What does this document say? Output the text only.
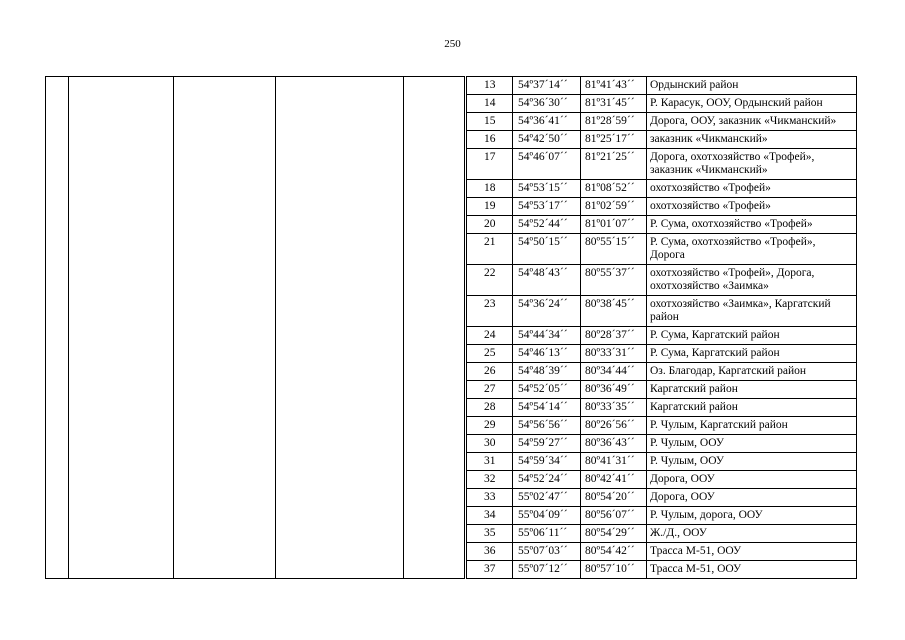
250
13	54º37´14´´	81º41´43´´	Ордынский район
14	54º36´30´´	81º31´45´´	Р. Карасук, ООУ, Ордынский район
15	54º36´41´´	81º28´59´´	Дорога, ООУ, заказник «Чикманский»
16	54º42´50´´	81º25´17´´	заказник «Чикманский»
17	54º46´07´´	81º21´25´´	Дорога, охотхозяйство «Трофей», заказник «Чикманский»
18	54º53´15´´	81º08´52´´	охотхозяйство «Трофей»
19	54º53´17´´	81º02´59´´	охотхозяйство «Трофей»
20	54º52´44´´	81º01´07´´	Р. Сума, охотхозяйство «Трофей»
21	54º50´15´´	80º55´15´´	Р. Сума, охотхозяйство «Трофей», Дорога
22	54º48´43´´	80º55´37´´	охотхозяйство «Трофей», Дорога, охотхозяйство «Заимка»
23	54º36´24´´	80º38´45´´	охотхозяйство «Заимка», Каргатский район
24	54º44´34´´	80º28´37´´	Р. Сума, Каргатский район
25	54º46´13´´	80º33´31´´	Р. Сума, Каргатский район
26	54º48´39´´	80º34´44´´	Оз. Благодар, Каргатский район
27	54º52´05´´	80º36´49´´	Каргатский район
28	54º54´14´´	80º33´35´´	Каргатский район
29	54º56´56´´	80º26´56´´	Р. Чулым, Каргатский район
30	54º59´27´´	80º36´43´´	Р. Чулым, ООУ
31	54º59´34´´	80º41´31´´	Р. Чулым, ООУ
32	54º52´24´´	80º42´41´´	Дорога, ООУ
33	55º02´47´´	80º54´20´´	Дорога, ООУ
34	55º04´09´´	80º56´07´´	Р. Чулым, дорога, ООУ
35	55º06´11´´	80º54´29´´	Ж./Д., ООУ
36	55º07´03´´	80º54´42´´	Трасса М-51, ООУ
37	55º07´12´´	80º57´10´´	Трасса М-51, ООУ
